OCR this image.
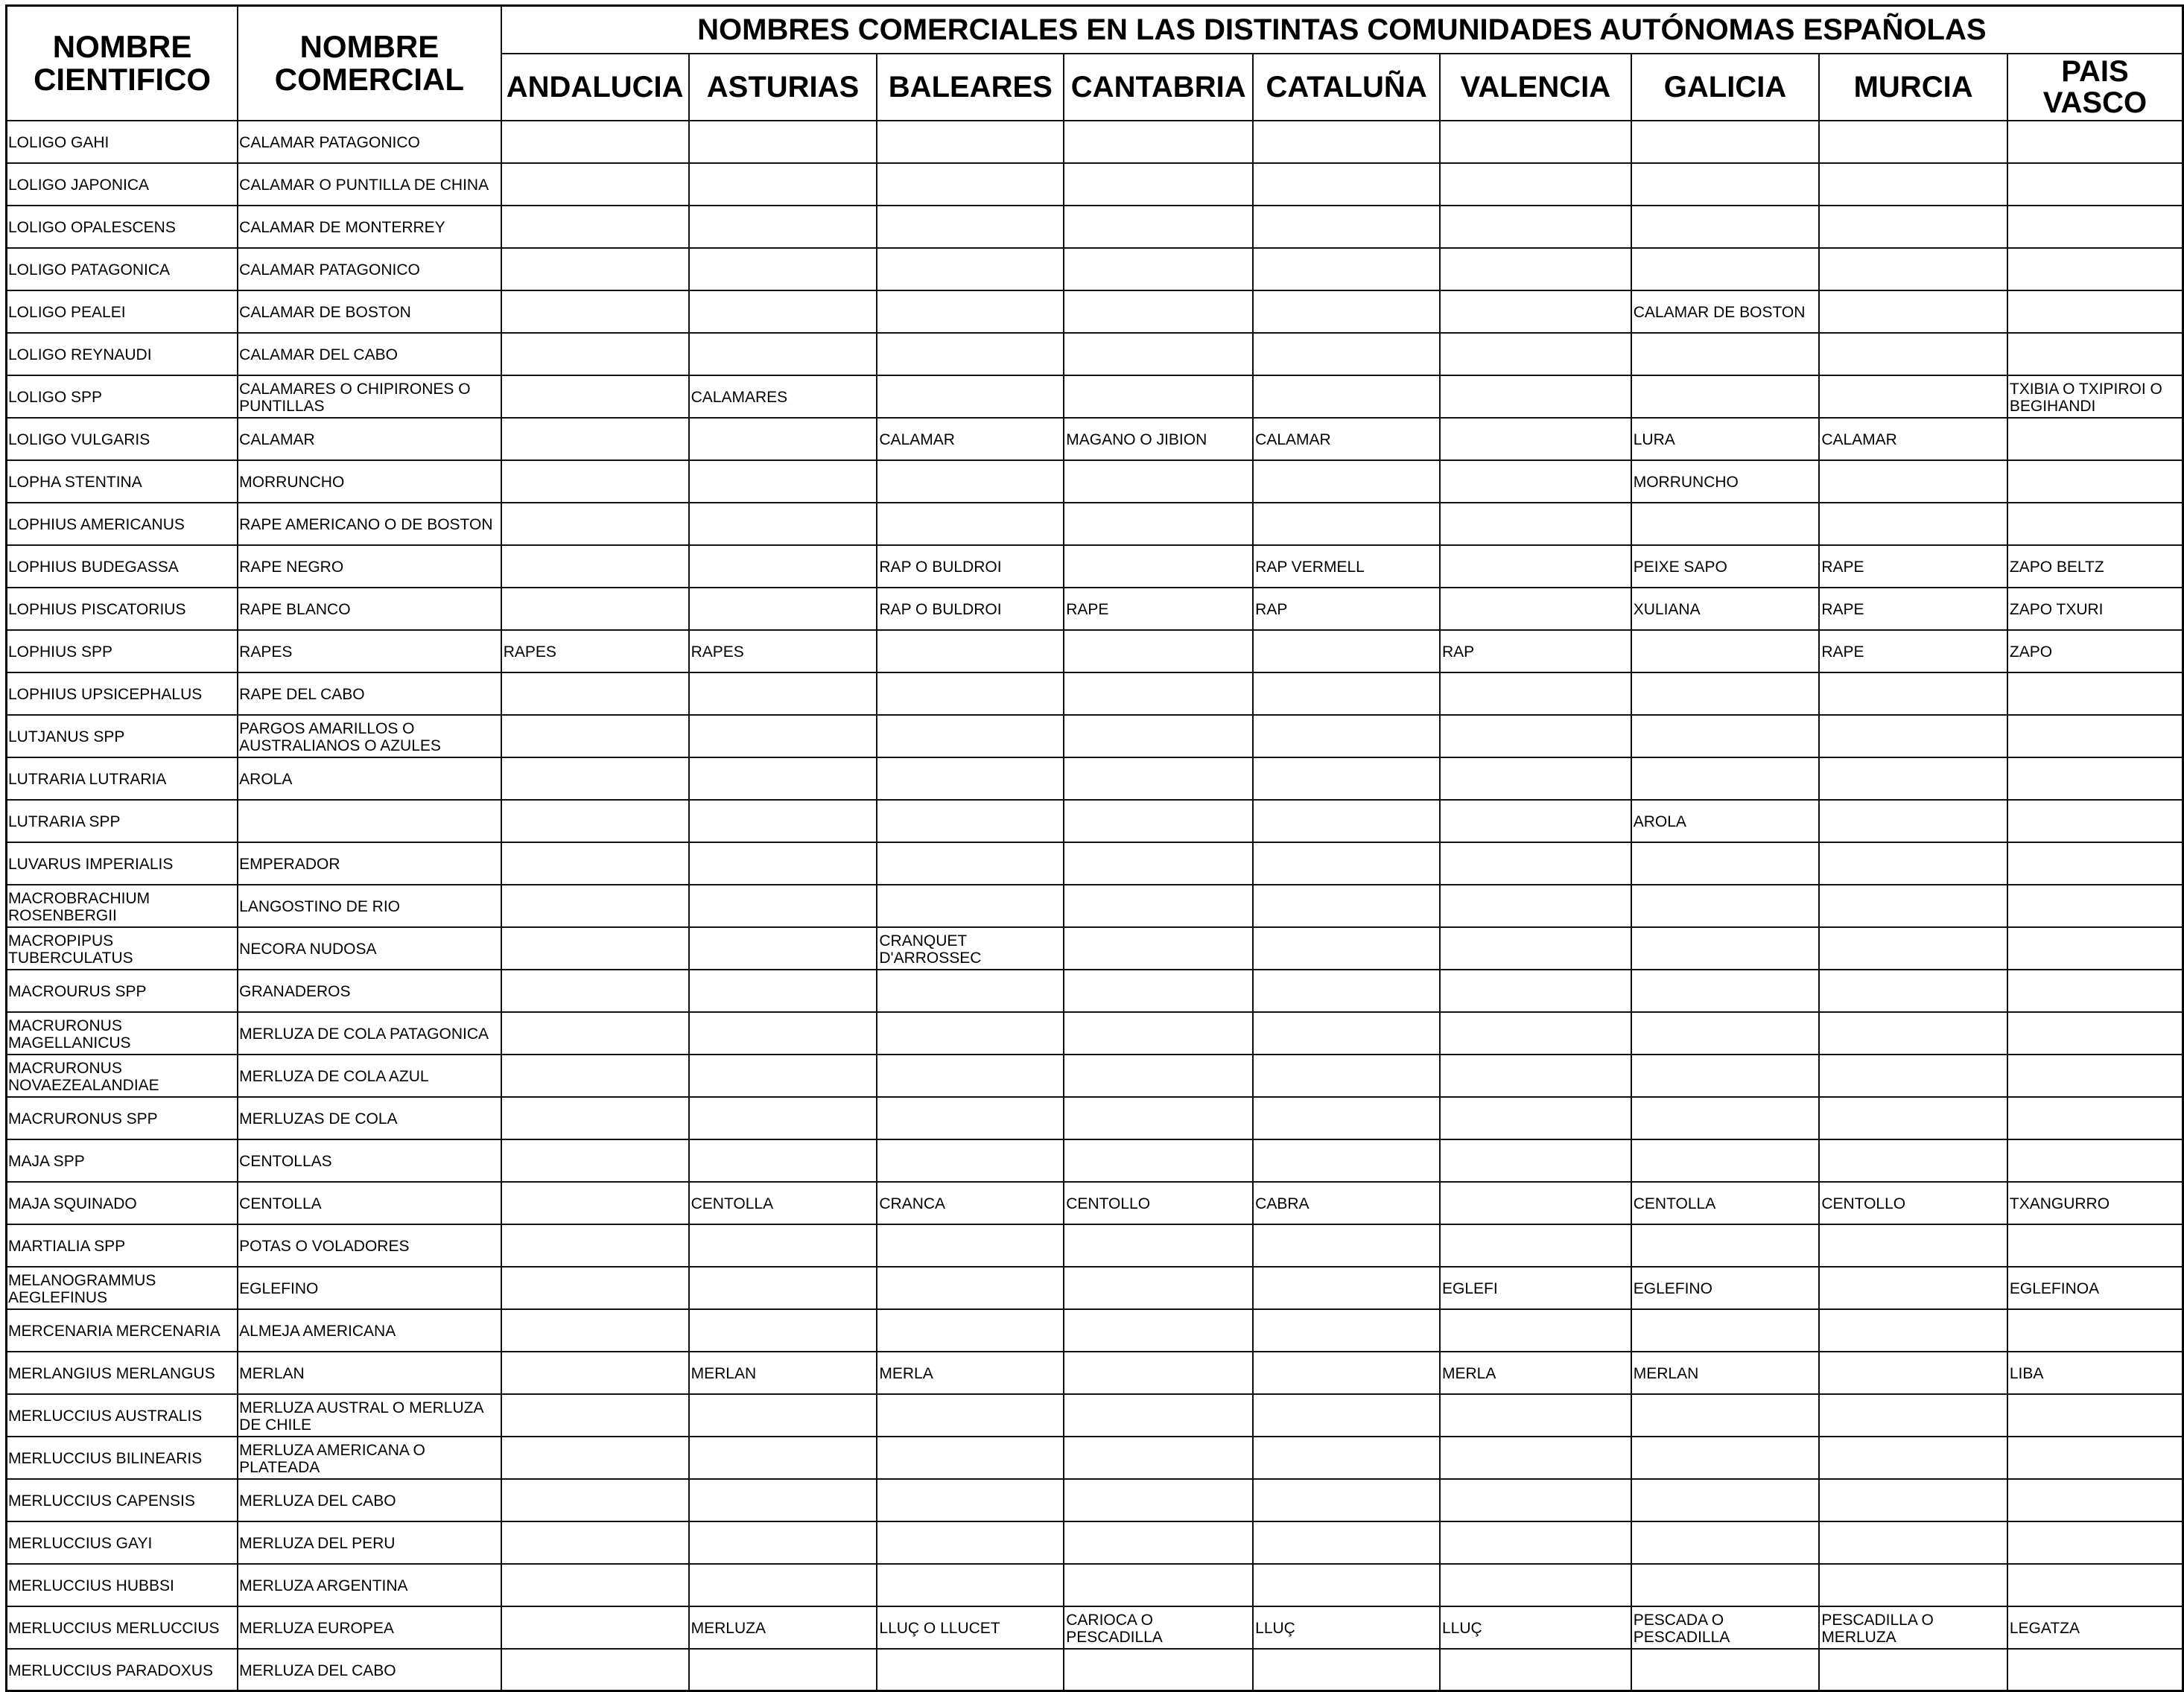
NOMBRE CIENTIFICO	NOMBRE COMERCIAL	NOMBRES COMERCIALES EN LAS DISTINTAS COMUNIDADES AUTÓNOMAS ESPAÑOLAS								
		ANDALUCIA	ASTURIAS	BALEARES	CANTABRIA	CATALUÑA	VALENCIA	GALICIA	MURCIA	PAIS VASCO
LOLIGO GAHI	CALAMAR PATAGONICO									
LOLIGO JAPONICA	CALAMAR O PUNTILLA DE CHINA									
LOLIGO OPALESCENS	CALAMAR DE MONTERREY									
LOLIGO PATAGONICA	CALAMAR PATAGONICO									
LOLIGO PEALEI	CALAMAR DE BOSTON							CALAMAR DE BOSTON		
LOLIGO REYNAUDI	CALAMAR DEL CABO									
LOLIGO SPP	CALAMARES O CHIPIRONES O PUNTILLAS		CALAMARES							TXIBIA O TXIPIROI O BEGIHANDI
LOLIGO VULGARIS	CALAMAR			CALAMAR	MAGANO O JIBION	CALAMAR		LURA	CALAMAR	
LOPHA STENTINA	MORRUNCHO							MORRUNCHO		
LOPHIUS AMERICANUS	RAPE AMERICANO O DE BOSTON									
LOPHIUS BUDEGASSA	RAPE NEGRO			RAP O BULDROI		RAP VERMELL		PEIXE SAPO	RAPE	ZAPO BELTZ
LOPHIUS PISCATORIUS	RAPE BLANCO			RAP O BULDROI	RAPE	RAP		XULIANA	RAPE	ZAPO TXURI
LOPHIUS SPP	RAPES	RAPES	RAPES				RAP		RAPE	ZAPO
LOPHIUS UPSICEPHALUS	RAPE DEL CABO									
LUTJANUS SPP	PARGOS AMARILLOS O AUSTRALIANOS O AZULES									
LUTRARIA LUTRARIA	AROLA									
LUTRARIA SPP								AROLA		
LUVARUS IMPERIALIS	EMPERADOR									
MACROBRACHIUM ROSENBERGII	LANGOSTINO DE RIO									
MACROPIPUS TUBERCULATUS	NECORA NUDOSA			CRANQUET D'ARROSSEC						
MACROURUS SPP	GRANADEROS									
MACRURONUS MAGELLANICUS	MERLUZA DE COLA PATAGONICA									
MACRURONUS NOVAEZEALANDIAE	MERLUZA DE COLA AZUL									
MACRURONUS SPP	MERLUZAS DE COLA									
MAJA SPP	CENTOLLAS									
MAJA SQUINADO	CENTOLLA		CENTOLLA	CRANCA	CENTOLLO	CABRA		CENTOLLA	CENTOLLO	TXANGURRO
MARTIALIA SPP	POTAS O VOLADORES									
MELANOGRAMMUS AEGLEFINUS	EGLEFINO						EGLEFI	EGLEFINO		EGLEFINOA
MERCENARIA MERCENARIA	ALMEJA AMERICANA									
MERLANGIUS MERLANGUS	MERLAN		MERLAN	MERLA			MERLA	MERLAN		LIBA
MERLUCCIUS AUSTRALIS	MERLUZA AUSTRAL O MERLUZA DE CHILE									
MERLUCCIUS BILINEARIS	MERLUZA AMERICANA O PLATEADA									
MERLUCCIUS CAPENSIS	MERLUZA DEL CABO									
MERLUCCIUS GAYI	MERLUZA DEL PERU									
MERLUCCIUS HUBBSI	MERLUZA ARGENTINA									
MERLUCCIUS MERLUCCIUS	MERLUZA EUROPEA		MERLUZA	LLUÇ O LLUCET	CARIOCA O PESCADILLA	LLUÇ	LLUÇ	PESCADA O PESCADILLA	PESCADILLA O MERLUZA	LEGATZA
MERLUCCIUS PARADOXUS	MERLUZA DEL CABO									
